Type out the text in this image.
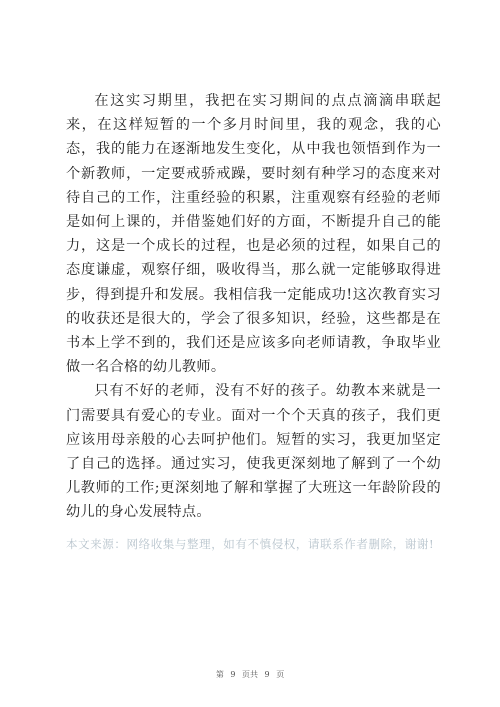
在这实习期里，我把在实习期间的点点滴滴串联起来，在这样短暂的一个多月时间里，我的观念，我的心态，我的能力在逐渐地发生变化，从中我也领悟到作为一个新教师，一定要戒骄戒躁，要时刻有种学习的态度来对待自己的工作，注重经验的积累，注重观察有经验的老师是如何上课的，并借鉴她们好的方面，不断提升自己的能力，这是一个成长的过程，也是必须的过程，如果自己的态度谦虚，观察仔细，吸收得当，那么就一定能够取得进步，得到提升和发展。我相信我一定能成功!这次教育实习的收获还是很大的，学会了很多知识，经验，这些都是在书本上学不到的，我们还是应该多向老师请教，争取毕业做一名合格的幼儿教师。

只有不好的老师，没有不好的孩子。幼教本来就是一门需要具有爱心的专业。面对一个个天真的孩子，我们更应该用母亲般的心去呵护他们。短暂的实习，我更加坚定了自己的选择。通过实习，使我更深刻地了解到了一个幼儿教师的工作;更深刻地了解和掌握了大班这一年龄阶段的幼儿的身心发展特点。

本文来源：网络收集与整理，如有不慎侵权，请联系作者删除，谢谢!

第 9 页共 9 页
